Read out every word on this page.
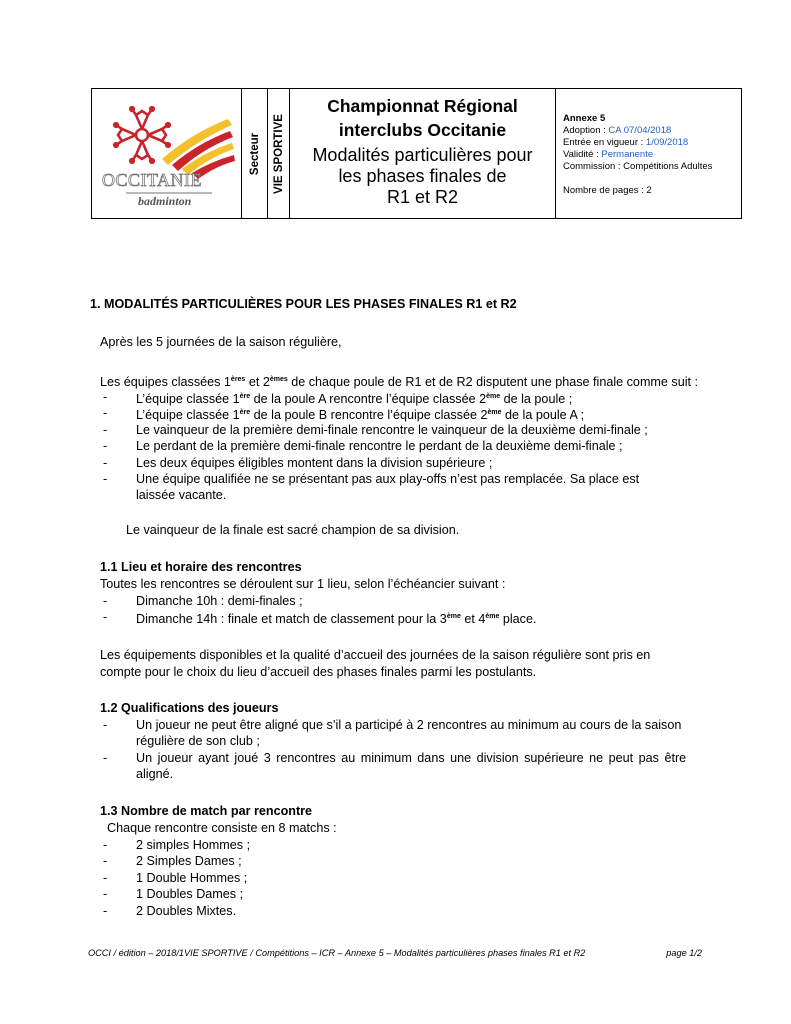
OCCITANIE
badminton
Secteur VIE SPORTIVE
Championnat Régional
interclubs Occitanie
Modalités particulières pour
les phases finales de
R1 et R2
Annexe 5
Adoption : CA 07/04/2018
Entrée en vigueur : 1/09/2018
Validité : Permanente
Commission : Compétitions Adultes
Nombre de pages : 2
1. MODALITÉS PARTICULIÈRES POUR LES PHASES FINALES R1 et R2
Après les 5 journées de la saison régulière,
Les équipes classées 1ères et 2èmes de chaque poule de R1 et de R2 disputent une phase finale comme suit :
- L’équipe classée 1ère de la poule A rencontre l’équipe classée 2ème de la poule ;
- L’équipe classée 1ère de la poule B rencontre l’équipe classée 2ème de la poule A ;
- Le vainqueur de la première demi-finale rencontre le vainqueur de la deuxième demi-finale ;
- Le perdant de la première demi-finale rencontre le perdant de la deuxième demi-finale ;
- Les deux équipes éligibles montent dans la division supérieure ;
- Une équipe qualifiée ne se présentant pas aux play-offs n’est pas remplacée. Sa place est
laissée vacante.
Le vainqueur de la finale est sacré champion de sa division.
1.1 Lieu et horaire des rencontres
Toutes les rencontres se déroulent sur 1 lieu, selon l’échéancier suivant :
- Dimanche 10h : demi-finales ;
- Dimanche 14h : finale et match de classement pour la 3ème et 4ème place.
Les équipements disponibles et la qualité d’accueil des journées de la saison régulière sont pris en
compte pour le choix du lieu d’accueil des phases finales parmi les postulants.
1.2 Qualifications des joueurs
- Un joueur ne peut être aligné que s’il a participé à 2 rencontres au minimum au cours de la saison
régulière de son club ;
- Un joueur ayant joué 3 rencontres au minimum dans une division supérieure ne peut pas être
aligné.
1.3 Nombre de match par rencontre
Chaque rencontre consiste en 8 matchs :
- 2 simples Hommes ;
- 2 Simples Dames ;
- 1 Double Hommes ;
- 1 Doubles Dames ;
- 2 Doubles Mixtes.
OCCI / édition – 2018/1VIE SPORTIVE / Compétitions – ICR – Annexe 5 – Modalités particulières phases finales R1 et R2	page 1/2
